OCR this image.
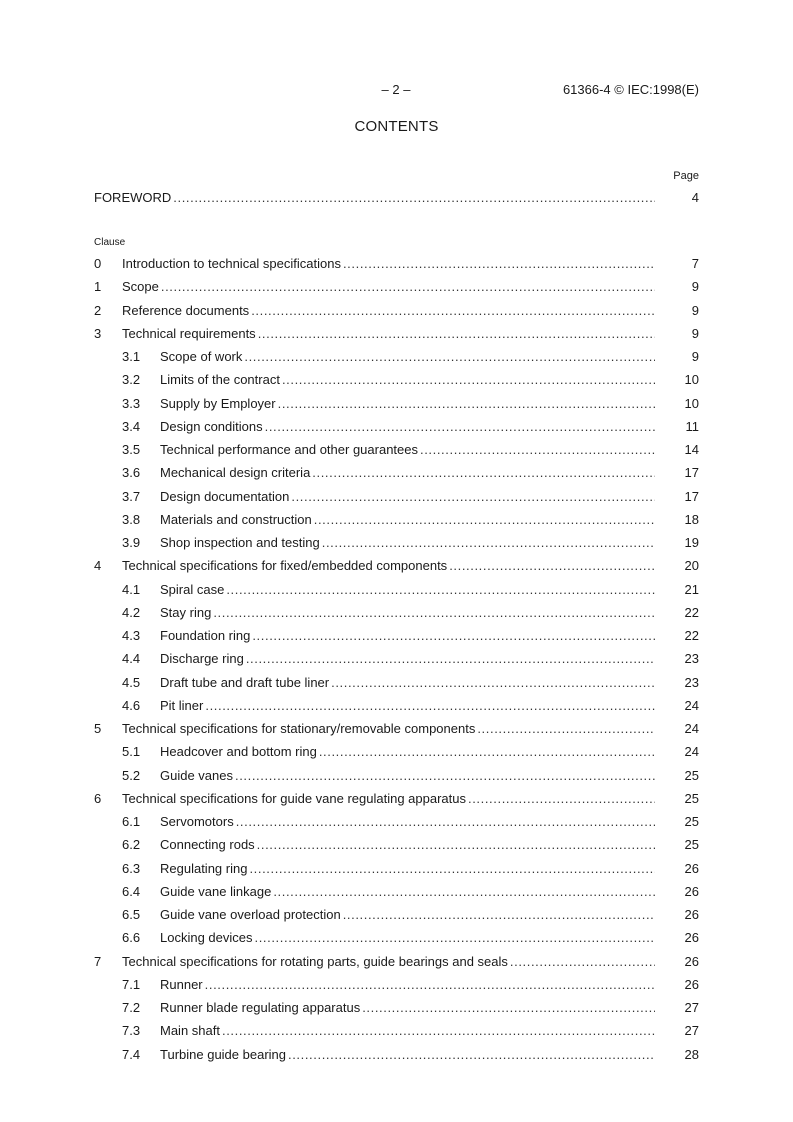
– 2 –	61366-4 © IEC:1998(E)
CONTENTS
Page
FOREWORD .....	4
Clause
0	Introduction to technical specifications .....	7
1	Scope .....	9
2	Reference documents .....	9
3	Technical requirements .....	9
3.1	Scope of work .....	9
3.2	Limits of the contract .....	10
3.3	Supply by Employer .....	10
3.4	Design conditions .....	11
3.5	Technical performance and other guarantees .....	14
3.6	Mechanical design criteria .....	17
3.7	Design documentation .....	17
3.8	Materials and construction .....	18
3.9	Shop inspection and testing .....	19
4	Technical specifications for fixed/embedded components .....	20
4.1	Spiral case .....	21
4.2	Stay ring .....	22
4.3	Foundation ring .....	22
4.4	Discharge ring .....	23
4.5	Draft tube and draft tube liner .....	23
4.6	Pit liner .....	24
5	Technical specifications for stationary/removable components .....	24
5.1	Headcover and bottom ring .....	24
5.2	Guide vanes .....	25
6	Technical specifications for guide vane regulating apparatus .....	25
6.1	Servomotors .....	25
6.2	Connecting rods .....	25
6.3	Regulating ring .....	26
6.4	Guide vane linkage .....	26
6.5	Guide vane overload protection .....	26
6.6	Locking devices .....	26
7	Technical specifications for rotating parts, guide bearings and seals .....	26
7.1	Runner .....	26
7.2	Runner blade regulating apparatus .....	27
7.3	Main shaft .....	27
7.4	Turbine guide bearing .....	28
